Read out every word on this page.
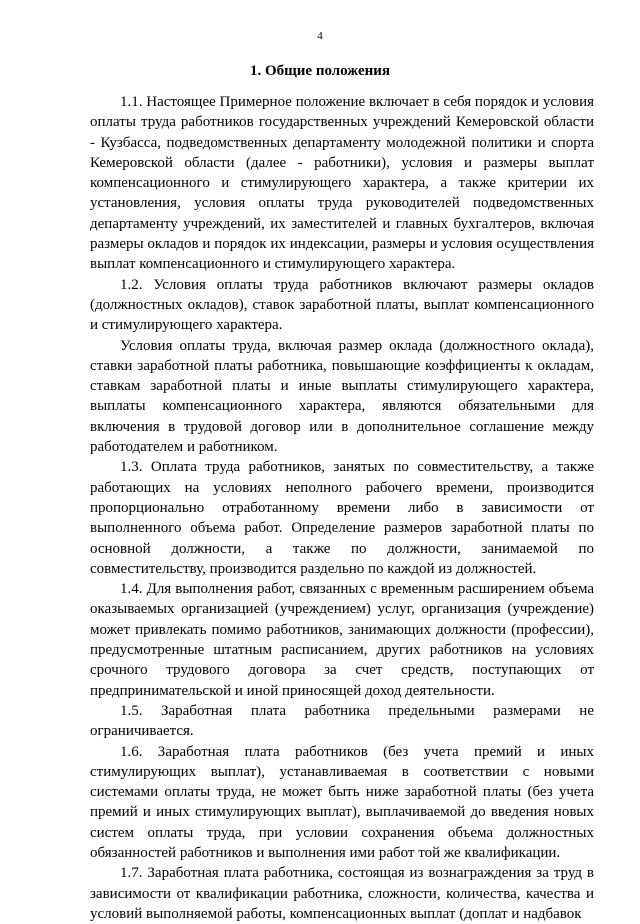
4
1. Общие положения

1.1. Настоящее Примерное положение включает в себя порядок и условия оплаты труда работников государственных учреждений Кемеровской области - Кузбасса, подведомственных департаменту молодежной политики и спорта Кемеровской области (далее - работники), условия и размеры выплат компенсационного и стимулирующего характера, а также критерии их установления, условия оплаты труда руководителей подведомственных департаменту учреждений, их заместителей и главных бухгалтеров, включая размеры окладов и порядок их индексации, размеры и условия осуществления выплат компенсационного и стимулирующего характера.

1.2. Условия оплаты труда работников включают размеры окладов (должностных окладов), ставок заработной платы, выплат компенсационного и стимулирующего характера.

Условия оплаты труда, включая размер оклада (должностного оклада), ставки заработной платы работника, повышающие коэффициенты к окладам, ставкам заработной платы и иные выплаты стимулирующего характера, выплаты компенсационного характера, являются обязательными для включения в трудовой договор или в дополнительное соглашение между работодателем и работником.

1.3. Оплата труда работников, занятых по совместительству, а также работающих на условиях неполного рабочего времени, производится пропорционально отработанному времени либо в зависимости от выполненного объема работ. Определение размеров заработной платы по основной должности, а также по должности, занимаемой по совместительству, производится раздельно по каждой из должностей.

1.4. Для выполнения работ, связанных с временным расширением объема оказываемых организацией (учреждением) услуг, организация (учреждение) может привлекать помимо работников, занимающих должности (профессии), предусмотренные штатным расписанием, других работников на условиях срочного трудового договора за счет средств, поступающих от предпринимательской и иной приносящей доход деятельности.

1.5. Заработная плата работника предельными размерами не ограничивается.

1.6. Заработная плата работников (без учета премий и иных стимулирующих выплат), устанавливаемая в соответствии с новыми системами оплаты труда, не может быть ниже заработной платы (без учета премий и иных стимулирующих выплат), выплачиваемой до введения новых систем оплаты труда, при условии сохранения объема должностных обязанностей работников и выполнения ими работ той же квалификации.

1.7. Заработная плата работника, состоящая из вознаграждения за труд в зависимости от квалификации работника, сложности, количества, качества и условий выполняемой работы, компенсационных выплат (доплат и надбавок
